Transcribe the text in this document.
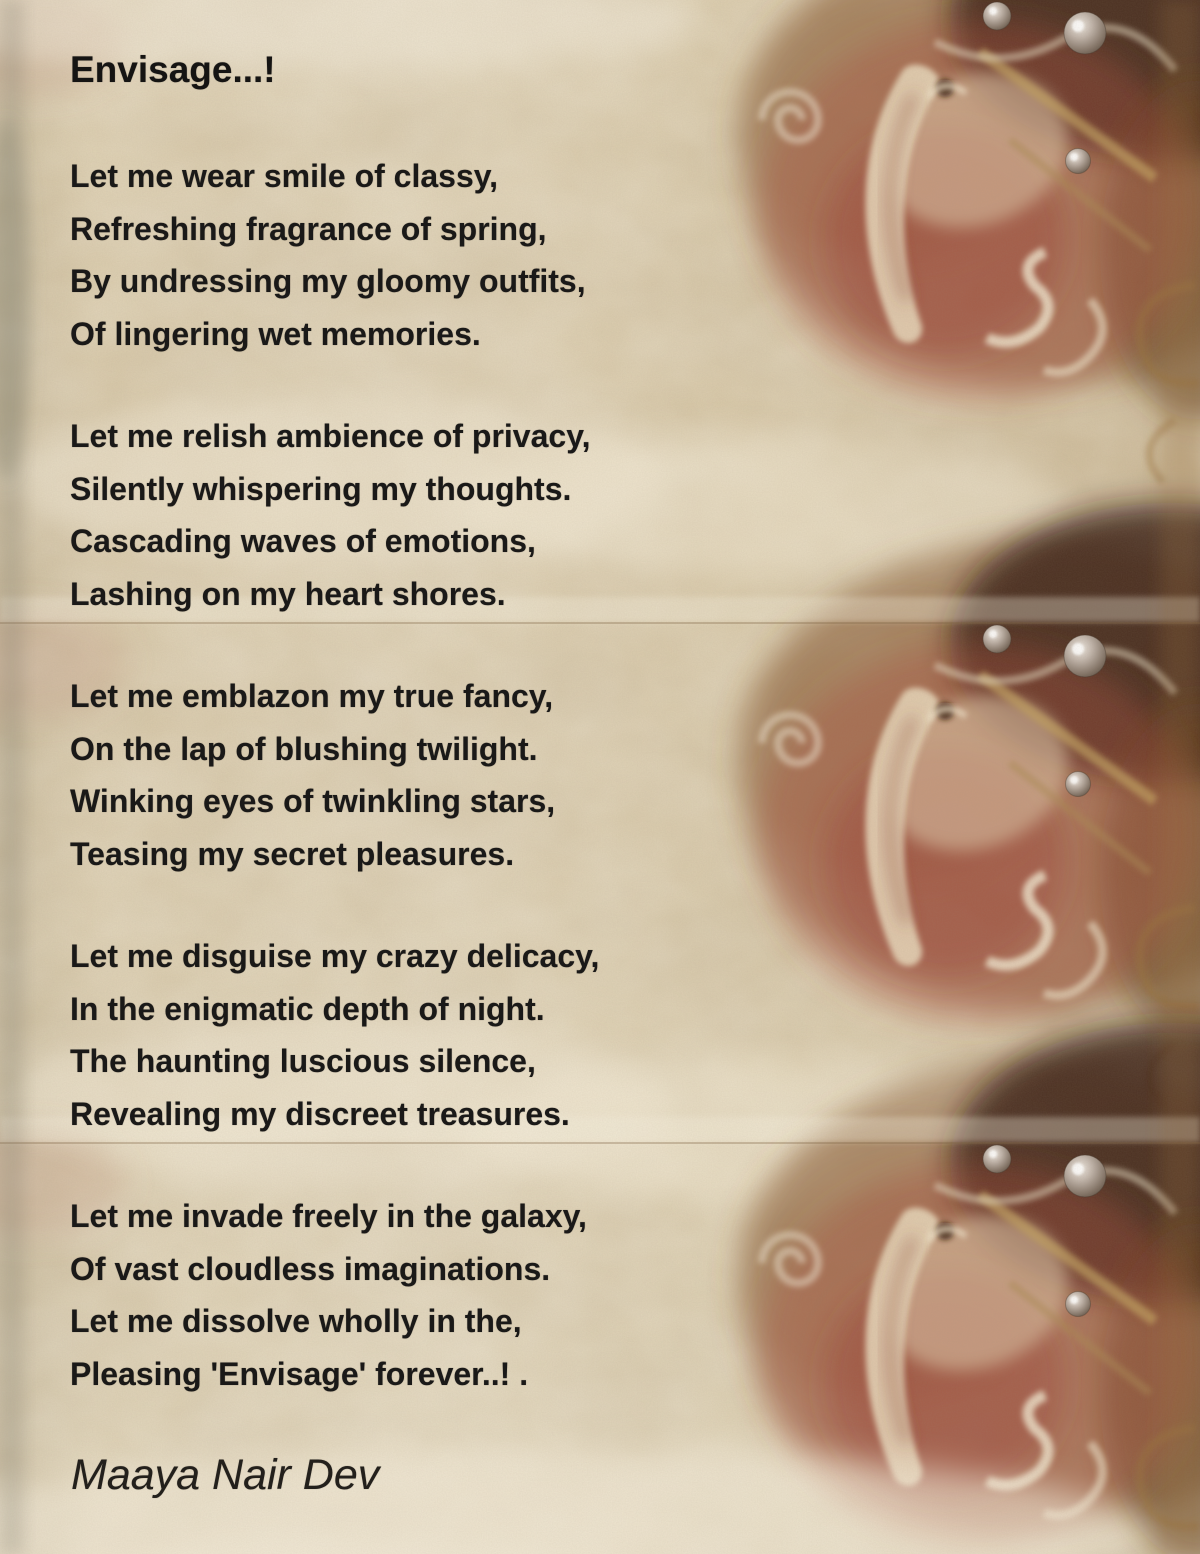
Envisage...!
Let me wear smile of classy,
Refreshing fragrance of spring,
By undressing my gloomy outfits,
Of lingering wet memories.
Let me relish ambience of privacy,
Silently whispering my thoughts.
Cascading waves of emotions,
Lashing on my heart shores.
Let me emblazon my true fancy,
On the lap of blushing twilight.
Winking eyes of twinkling stars,
Teasing my secret pleasures.
Let me disguise my crazy delicacy,
In the enigmatic depth of night.
The haunting luscious silence,
Revealing my discreet treasures.
Let me invade freely in the galaxy,
Of vast cloudless imaginations.
Let me dissolve wholly in the,
Pleasing 'Envisage' forever..! .
Maaya Nair Dev
